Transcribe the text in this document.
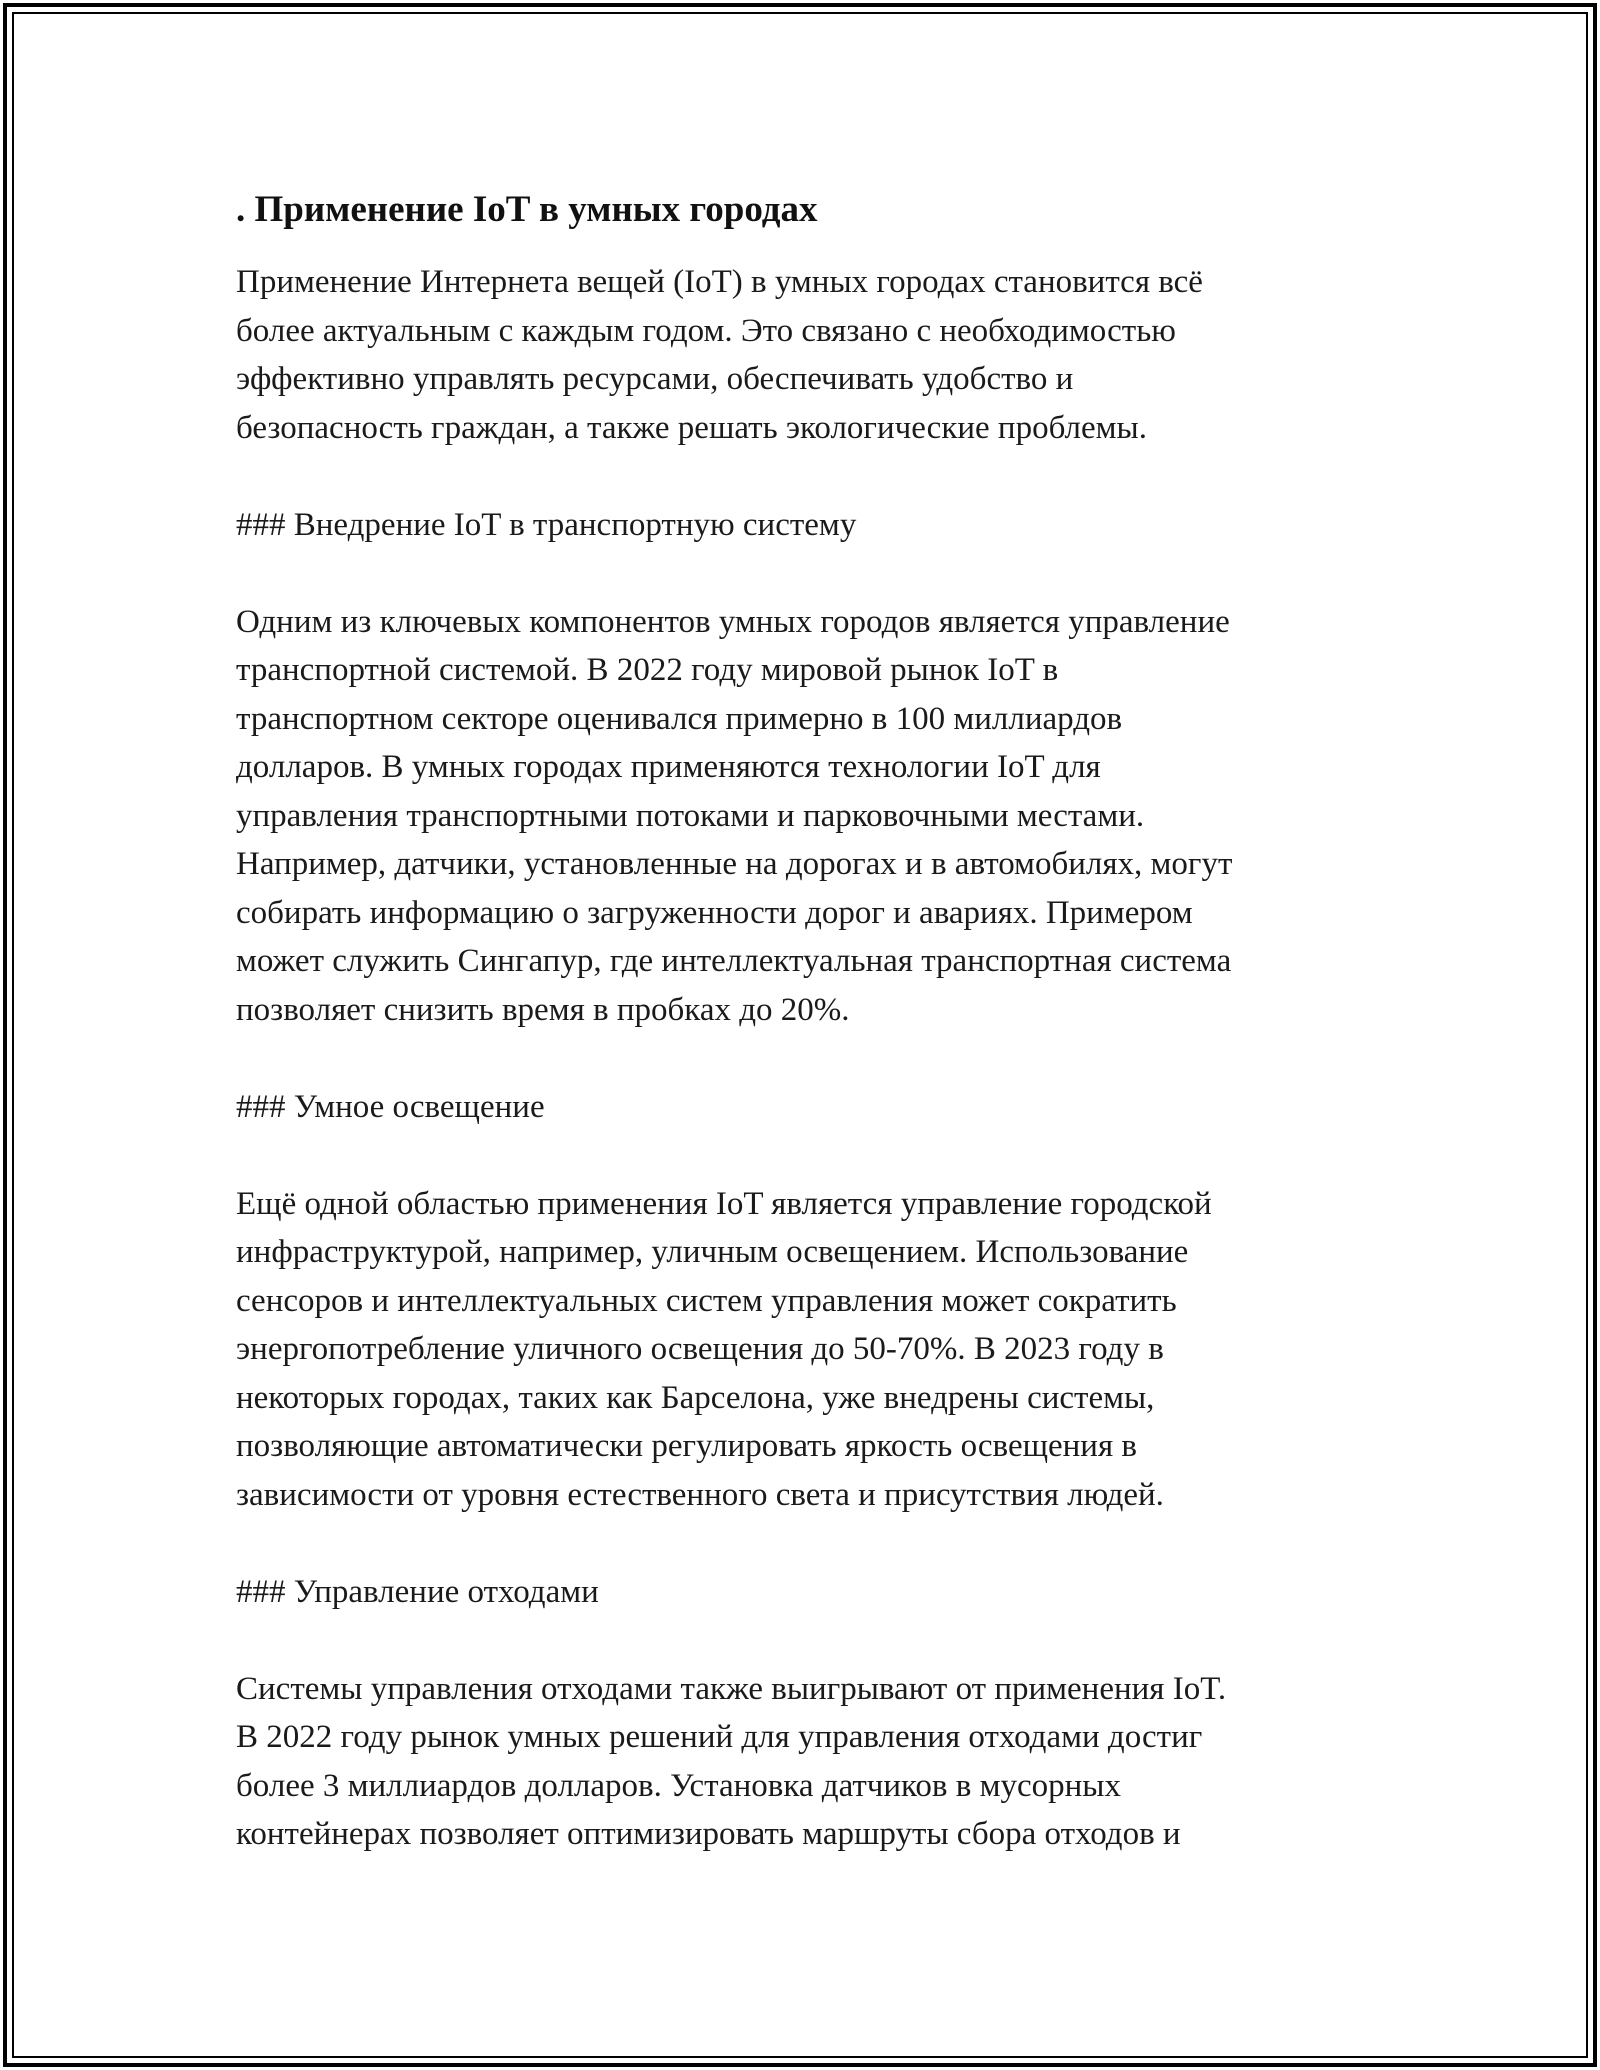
. Применение IoT в умных городах

Применение Интернета вещей (IoT) в умных городах становится всё
более актуальным с каждым годом. Это связано с необходимостью
эффективно управлять ресурсами, обеспечивать удобство и
безопасность граждан, а также решать экологические проблемы.

### Внедрение IoT в транспортную систему

Одним из ключевых компонентов умных городов является управление
транспортной системой. В 2022 году мировой рынок IoT в
транспортном секторе оценивался примерно в 100 миллиардов
долларов. В умных городах применяются технологии IoT для
управления транспортными потоками и парковочными местами.
Например, датчики, установленные на дорогах и в автомобилях, могут
собирать информацию о загруженности дорог и авариях. Примером
может служить Сингапур, где интеллектуальная транспортная система
позволяет снизить время в пробках до 20%.

### Умное освещение

Ещё одной областью применения IoT является управление городской
инфраструктурой, например, уличным освещением. Использование
сенсоров и интеллектуальных систем управления может сократить
энергопотребление уличного освещения до 50-70%. В 2023 году в
некоторых городах, таких как Барселона, уже внедрены системы,
позволяющие автоматически регулировать яркость освещения в
зависимости от уровня естественного света и присутствия людей.

### Управление отходами

Системы управления отходами также выигрывают от применения IoT.
В 2022 году рынок умных решений для управления отходами достиг
более 3 миллиардов долларов. Установка датчиков в мусорных
контейнерах позволяет оптимизировать маршруты сбора отходов и
